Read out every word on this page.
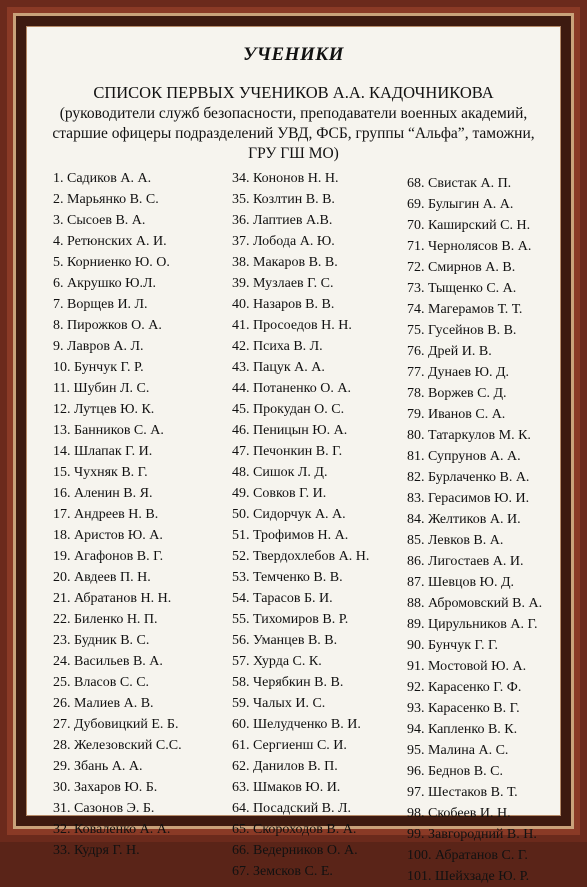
УЧЕНИКИ
СПИСОК ПЕРВЫХ УЧЕНИКОВ А.А. КАДОЧНИКОВА
(руководители служб безопасности, преподаватели военных академий,
старшие офицеры подразделений УВД, ФСБ, группы “Альфа”, таможни,
ГРУ ГШ МО)
1. Садиков А. А.
2. Марьянко В. С.
3. Сысоев В. А.
4. Ретюнских А. И.
5. Корниенко Ю. О.
6. Акрушко Ю.Л.
7. Ворщев И. Л.
8. Пирожков О. А.
9. Лавров А. Л.
10. Бунчук Г. Р.
11. Шубин Л. С.
12. Лутцев Ю. К.
13. Банников С. А.
14. Шлапак Г. И.
15. Чухняк В. Г.
16. Аленин В. Я.
17. Андреев Н. В.
18. Аристов Ю. А.
19. Агафонов В. Г.
20. Авдеев П. Н.
21. Абратанов Н. Н.
22. Биленко Н. П.
23. Будник В. С.
24. Васильев В. А.
25. Власов С. С.
26. Малиев А. В.
27. Дубовицкий Е. Б.
28. Железовский С.С.
29. Збань А. А.
30. Захаров Ю. Б.
31. Сазонов Э. Б.
32. Коваленко А. А.
33. Кудря Г. Н.
34. Кононов Н. Н.
35. Козлтин В. В.
36. Лаптиев А.В.
37. Лобода А. Ю.
38. Макаров В. В.
39. Музлаев Г. С.
40. Назаров В. В.
41. Просоедов Н. Н.
42. Психа В. Л.
43. Пацук А. А.
44. Потаненко О. А.
45. Прокудан О. С.
46. Пеницын Ю. А.
47. Печонкин В. Г.
48. Сишок Л. Д.
49. Совков Г. И.
50. Сидорчук А. А.
51. Трофимов Н. А.
52. Твердохлебов А. Н.
53. Темченко В. В.
54. Тарасов Б. И.
55. Тихомиров В. Р.
56. Уманцев В. В.
57. Хурда С. К.
58. Черябкин В. В.
59. Чалых И. С.
60. Шелудченко В. И.
61. Сергиенш С. И.
62. Данилов В. П.
63. Шмаков Ю. И.
64. Посадский В. Л.
65. Скороходов В. А.
66. Ведерников О. А.
67. Земсков С. Е.
68. Свистак А. П.
69. Булыгин А. А.
70. Каширский С. Н.
71. Чернолясов В. А.
72. Смирнов А. В.
73. Тыщенко С. А.
74. Магерамов Т. Т.
75. Гусейнов В. В.
76. Дрей И. В.
77. Дунаев Ю. Д.
78. Воржев С. Д.
79. Иванов С. А.
80. Татаркулов М. К.
81. Супрунов А. А.
82. Бурлаченко В. А.
83. Герасимов Ю. И.
84. Желтиков А. И.
85. Левков В. А.
86. Лигостаев А. И.
87. Шевцов Ю. Д.
88. Абромовский В. А.
89. Цирульников А. Г.
90. Бунчук Г. Г.
91. Мостовой Ю. А.
92. Карасенко Г. Ф.
93. Карасенко В. Г.
94. Капленко В. К.
95. Малина А. С.
96. Беднов В. С.
97. Шестаков В. Т.
98. Скобеев И. Н.
99. Завгородний В. Н.
100. Абратанов С. Г.
101. Шейхзаде Ю. Р.
